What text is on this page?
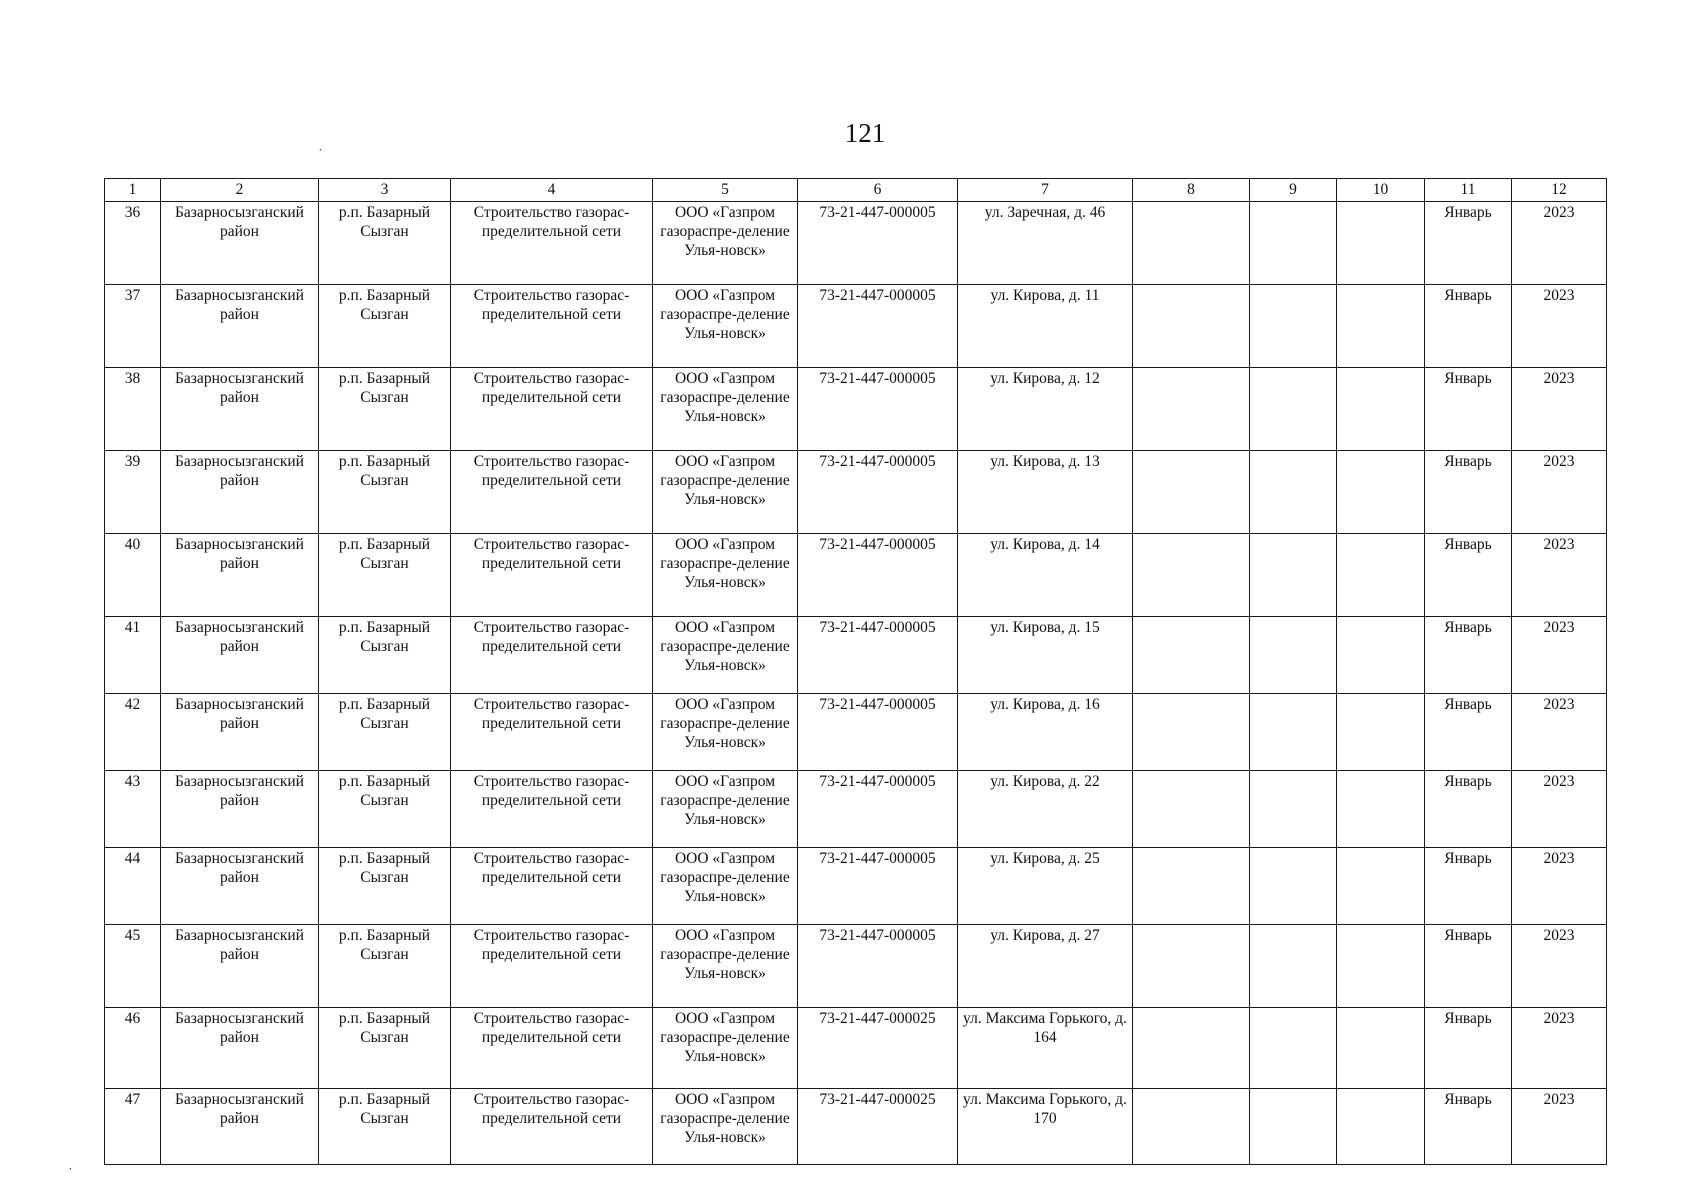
121
1	2	3	4	5	6	7	8	9	10	11	12
36	Базарносызганский район	р.п. Базарный Сызган	Строительство газорас-пределительной сети	ООО «Газпром газораспре-деление Улья-новск»	73-21-447-000005	ул. Заречная, д. 46				Январь	2023
37	Базарносызганский район	р.п. Базарный Сызган	Строительство газорас-пределительной сети	ООО «Газпром газораспре-деление Улья-новск»	73-21-447-000005	ул. Кирова, д. 11				Январь	2023
38	Базарносызганский район	р.п. Базарный Сызган	Строительство газорас-пределительной сети	ООО «Газпром газораспре-деление Улья-новск»	73-21-447-000005	ул. Кирова, д. 12				Январь	2023
39	Базарносызганский район	р.п. Базарный Сызган	Строительство газорас-пределительной сети	ООО «Газпром газораспре-деление Улья-новск»	73-21-447-000005	ул. Кирова, д. 13				Январь	2023
40	Базарносызганский район	р.п. Базарный Сызган	Строительство газорас-пределительной сети	ООО «Газпром газораспре-деление Улья-новск»	73-21-447-000005	ул. Кирова, д. 14				Январь	2023
41	Базарносызганский район	р.п. Базарный Сызган	Строительство газорас-пределительной сети	ООО «Газпром газораспре-деление Улья-новск»	73-21-447-000005	ул. Кирова, д. 15				Январь	2023
42	Базарносызганский район	р.п. Базарный Сызган	Строительство газорас-пределительной сети	ООО «Газпром газораспре-деление Улья-новск»	73-21-447-000005	ул. Кирова, д. 16				Январь	2023
43	Базарносызганский район	р.п. Базарный Сызган	Строительство газорас-пределительной сети	ООО «Газпром газораспре-деление Улья-новск»	73-21-447-000005	ул. Кирова, д. 22				Январь	2023
44	Базарносызганский район	р.п. Базарный Сызган	Строительство газорас-пределительной сети	ООО «Газпром газораспре-деление Улья-новск»	73-21-447-000005	ул. Кирова, д. 25				Январь	2023
45	Базарносызганский район	р.п. Базарный Сызган	Строительство газорас-пределительной сети	ООО «Газпром газораспре-деление Улья-новск»	73-21-447-000005	ул. Кирова, д. 27				Январь	2023
46	Базарносызганский район	р.п. Базарный Сызган	Строительство газорас-пределительной сети	ООО «Газпром газораспре-деление Улья-новск»	73-21-447-000025	ул. Максима Горького, д. 164				Январь	2023
47	Базарносызганский район	р.п. Базарный Сызган	Строительство газорас-пределительной сети	ООО «Газпром газораспре-деление Улья-новск»	73-21-447-000025	ул. Максима Горького, д. 170				Январь	2023
˙
˙
